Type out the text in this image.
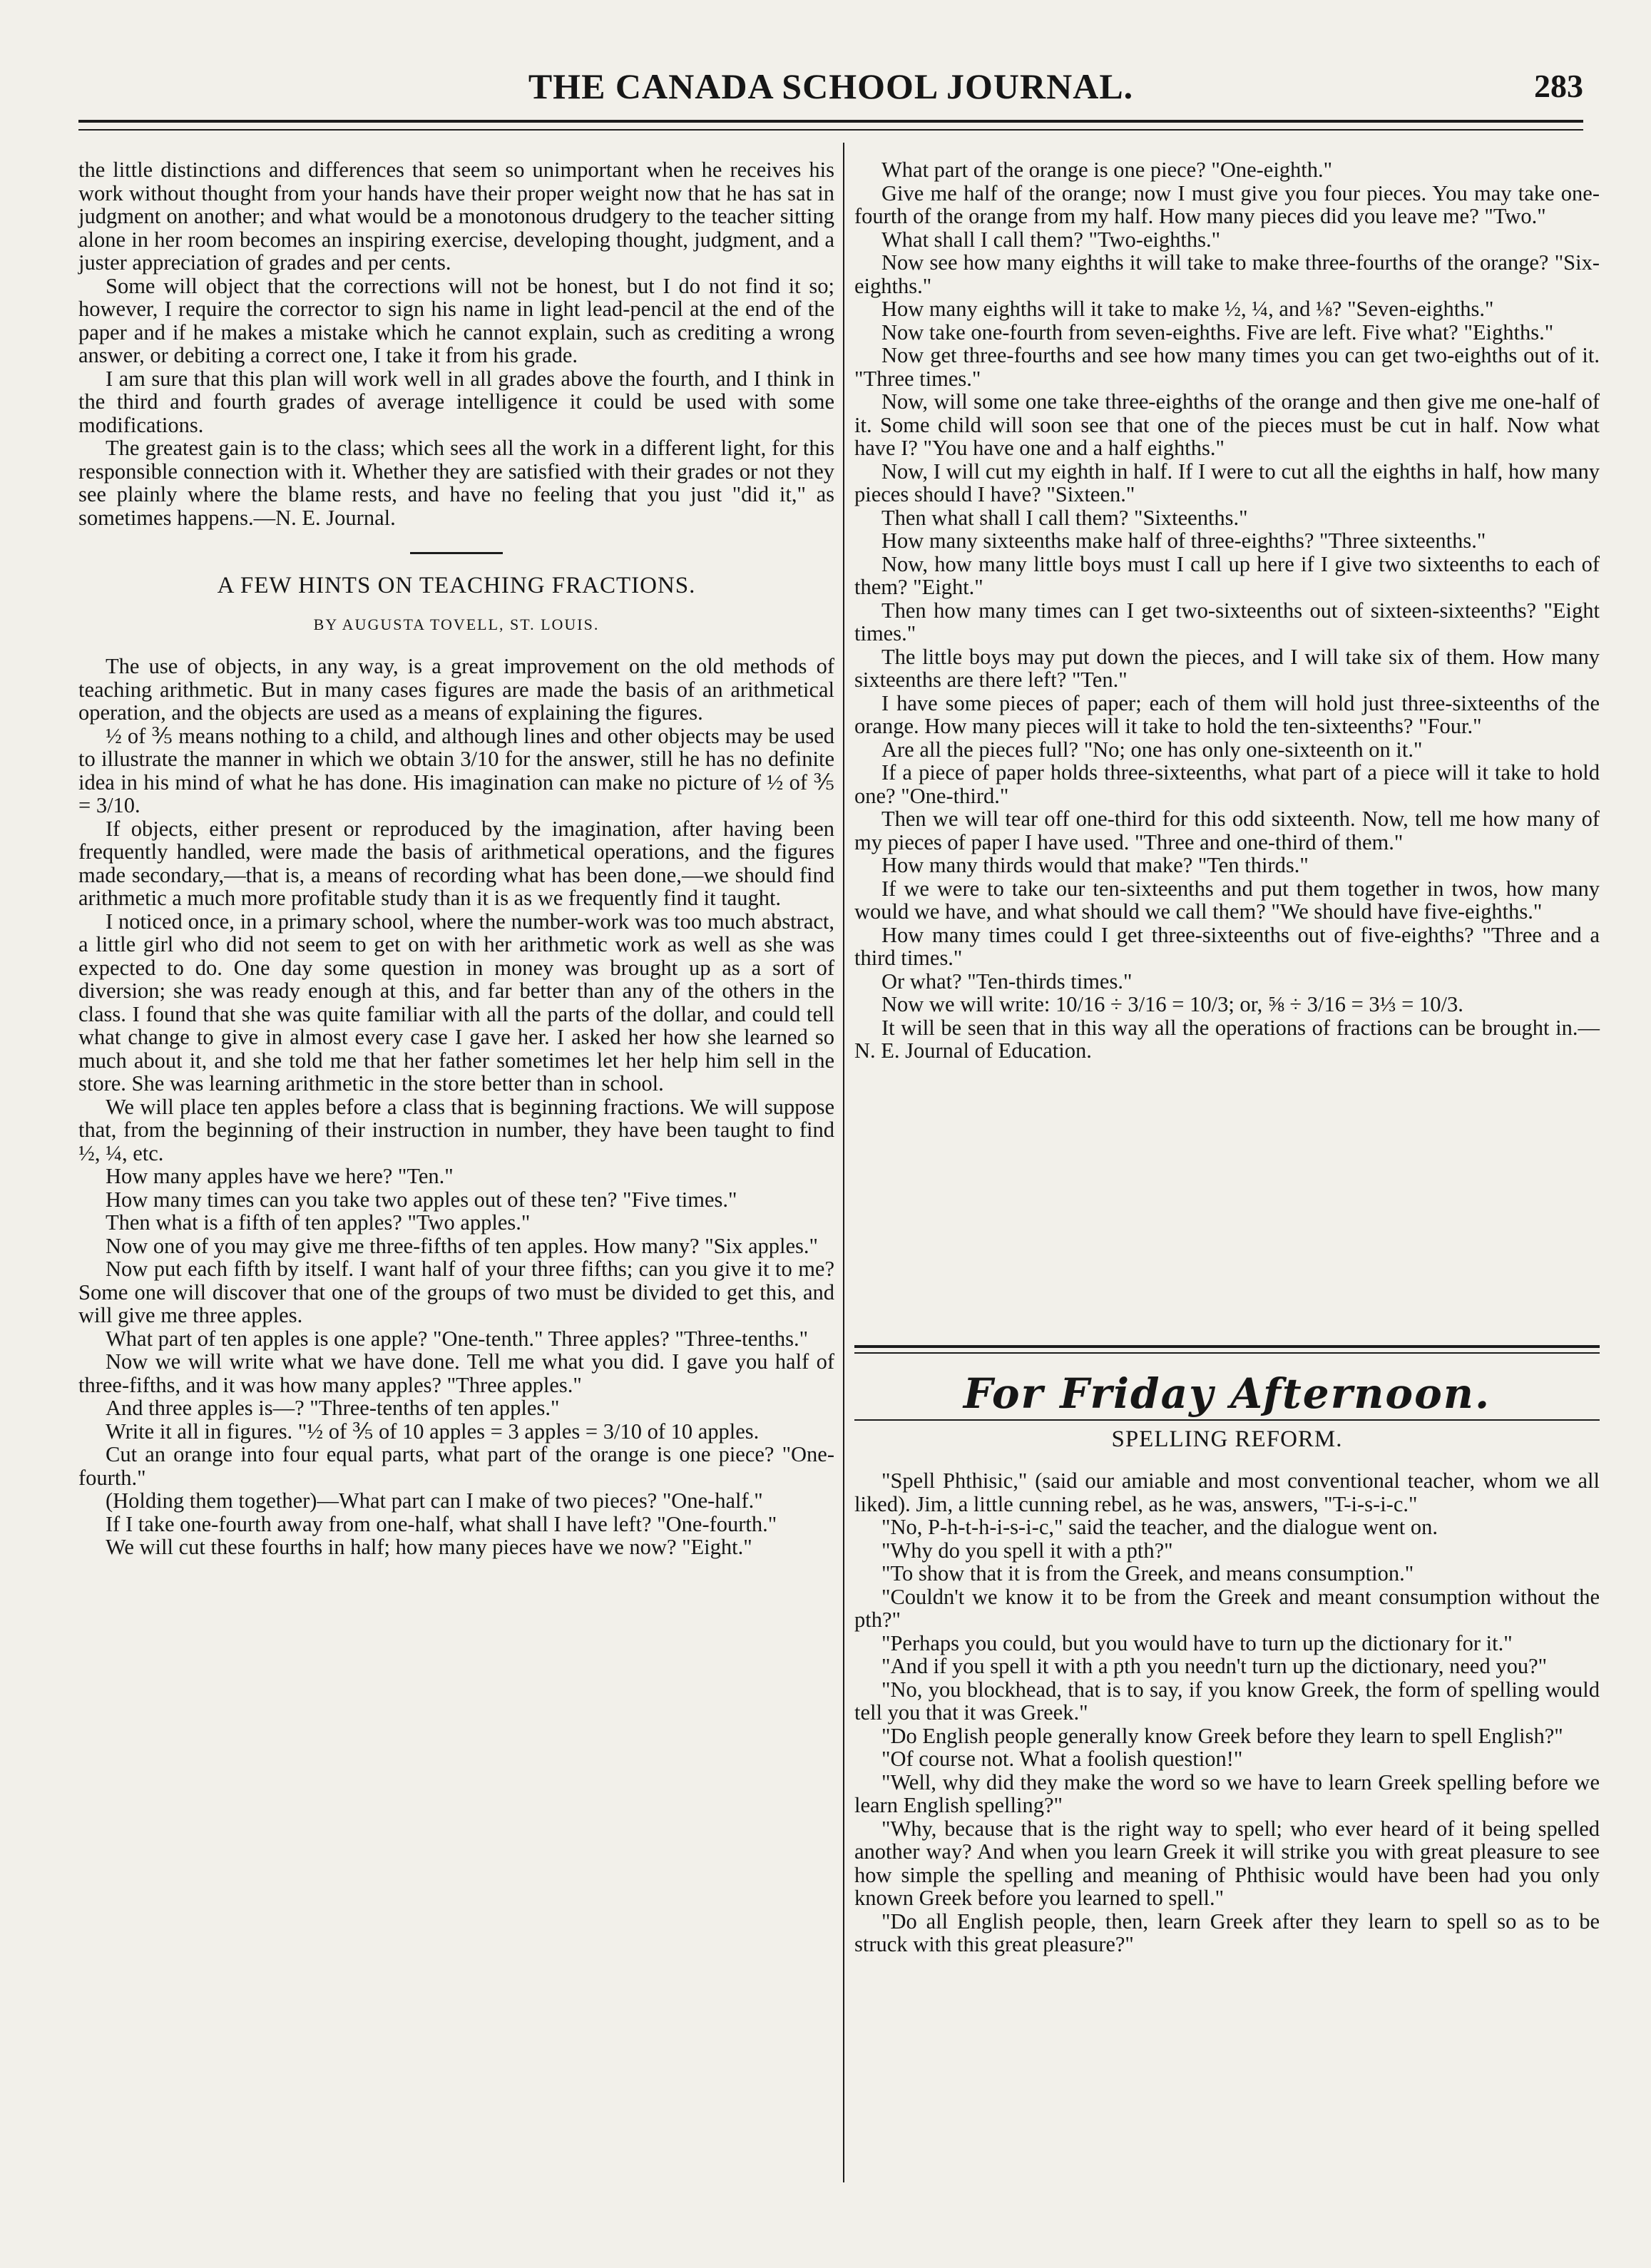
THE CANADA SCHOOL JOURNAL.	283

the little distinctions and differences that seem so unimportant when he receives his work without thought from your hands have their proper weight now that he has sat in judgment on another; and what would be a monotonous drudgery to the teacher sitting alone in her room becomes an inspiring exercise, developing thought, judgment, and a juster appreciation of grades and per cents.

Some will object that the corrections will not be honest, but I do not find it so; however, I require the corrector to sign his name in light lead-pencil at the end of the paper and if he makes a mistake which he cannot explain, such as crediting a wrong answer, or debiting a correct one, I take it from his grade.

I am sure that this plan will work well in all grades above the fourth, and I think in the third and fourth grades of average intelligence it could be used with some modifications.

The greatest gain is to the class; which sees all the work in a different light, for this responsible connection with it. Whether they are satisfied with their grades or not they see plainly where the blame rests, and have no feeling that you just "did it," as sometimes happens.—N. E. Journal.

A FEW HINTS ON TEACHING FRACTIONS.
BY AUGUSTA TOVELL, ST. LOUIS.

The use of objects, in any way, is a great improvement on the old methods of teaching arithmetic. But in many cases figures are made the basis of an arithmetical operation, and the objects are used as a means of explaining the figures.

½ of ⅗ means nothing to a child, and although lines and other objects may be used to illustrate the manner in which we obtain 3/10 for the answer, still he has no definite idea in his mind of what he has done. His imagination can make no picture of ½ of ⅗ = 3/10.

If objects, either present or reproduced by the imagination, after having been frequently handled, were made the basis of arithmetical operations, and the figures made secondary,—that is, a means of recording what has been done,—we should find arithmetic a much more profitable study than it is as we frequently find it taught.

I noticed once, in a primary school, where the number-work was too much abstract, a little girl who did not seem to get on with her arithmetic work as well as she was expected to do. One day some question in money was brought up as a sort of diversion; she was ready enough at this, and far better than any of the others in the class. I found that she was quite familiar with all the parts of the dollar, and could tell what change to give in almost every case I gave her. I asked her how she learned so much about it, and she told me that her father sometimes let her help him sell in the store. She was learning arithmetic in the store better than in school.

We will place ten apples before a class that is beginning fractions. We will suppose that, from the beginning of their instruction in number, they have been taught to find ½, ¼, etc.

How many apples have we here? "Ten."

How many times can you take two apples out of these ten? "Five times."

Then what is a fifth of ten apples? "Two apples."

Now one of you may give me three-fifths of ten apples. How many? "Six apples."

Now put each fifth by itself. I want half of your three fifths; can you give it to me? Some one will discover that one of the groups of two must be divided to get this, and will give me three apples.

What part of ten apples is one apple? "One-tenth." Three apples? "Three-tenths."

Now we will write what we have done. Tell me what you did. I gave you half of three-fifths, and it was how many apples? "Three apples."

And three apples is—? "Three-tenths of ten apples."

Write it all in figures. "½ of ⅗ of 10 apples = 3 apples = 3/10 of 10 apples.

Cut an orange into four equal parts, what part of the orange is one piece? "One-fourth."

(Holding them together)—What part can I make of two pieces? "One-half."

If I take one-fourth away from one-half, what shall I have left? "One-fourth."

We will cut these fourths in half; how many pieces have we now? "Eight."

What part of the orange is one piece? "One-eighth."

Give me half of the orange; now I must give you four pieces. You may take one-fourth of the orange from my half. How many pieces did you leave me? "Two."

What shall I call them? "Two-eighths."

Now see how many eighths it will take to make three-fourths of the orange? "Six-eighths."

How many eighths will it take to make ½, ¼, and ⅛? "Seven-eighths."

Now take one-fourth from seven-eighths. Five are left. Five what? "Eighths."

Now get three-fourths and see how many times you can get two-eighths out of it. "Three times."

Now, will some one take three-eighths of the orange and then give me one-half of it. Some child will soon see that one of the pieces must be cut in half. Now what have I? "You have one and a half eighths."

Now, I will cut my eighth in half. If I were to cut all the eighths in half, how many pieces should I have? "Sixteen."

Then what shall I call them? "Sixteenths."

How many sixteenths make half of three-eighths? "Three sixteenths."

Now, how many little boys must I call up here if I give two sixteenths to each of them? "Eight."

Then how many times can I get two-sixteenths out of sixteen-sixteenths? "Eight times."

The little boys may put down the pieces, and I will take six of them. How many sixteenths are there left? "Ten."

I have some pieces of paper; each of them will hold just three-sixteenths of the orange. How many pieces will it take to hold the ten-sixteenths? "Four."

Are all the pieces full? "No; one has only one-sixteenth on it."

If a piece of paper holds three-sixteenths, what part of a piece will it take to hold one? "One-third."

Then we will tear off one-third for this odd sixteenth. Now, tell me how many of my pieces of paper I have used. "Three and one-third of them."

How many thirds would that make? "Ten thirds."

If we were to take our ten-sixteenths and put them together in twos, how many would we have, and what should we call them? "We should have five-eighths."

How many times could I get three-sixteenths out of five-eighths? "Three and a third times."

Or what? "Ten-thirds times."

Now we will write: 10/16 ÷ 3/16 = 10/3; or, ⅝ ÷ 3/16 = 3⅓ = 10/3.

It will be seen that in this way all the operations of fractions can be brought in.—N. E. Journal of Education.

For Friday Afternoon.
SPELLING REFORM.

"Spell Phthisic," (said our amiable and most conventional teacher, whom we all liked). Jim, a little cunning rebel, as he was, answers, "T-i-s-i-c."

"No, P-h-t-h-i-s-i-c," said the teacher, and the dialogue went on.

"Why do you spell it with a pth?"

"To show that it is from the Greek, and means consumption."

"Couldn't we know it to be from the Greek and meant consumption without the pth?"

"Perhaps you could, but you would have to turn up the dictionary for it."

"And if you spell it with a pth you needn't turn up the dictionary, need you?"

"No, you blockhead, that is to say, if you know Greek, the form of spelling would tell you that it was Greek."

"Do English people generally know Greek before they learn to spell English?"

"Of course not. What a foolish question!"

"Well, why did they make the word so we have to learn Greek spelling before we learn English spelling?"

"Why, because that is the right way to spell; who ever heard of it being spelled another way? And when you learn Greek it will strike you with great pleasure to see how simple the spelling and meaning of Phthisic would have been had you only known Greek before you learned to spell."

"Do all English people, then, learn Greek after they learn to spell so as to be struck with this great pleasure?"
